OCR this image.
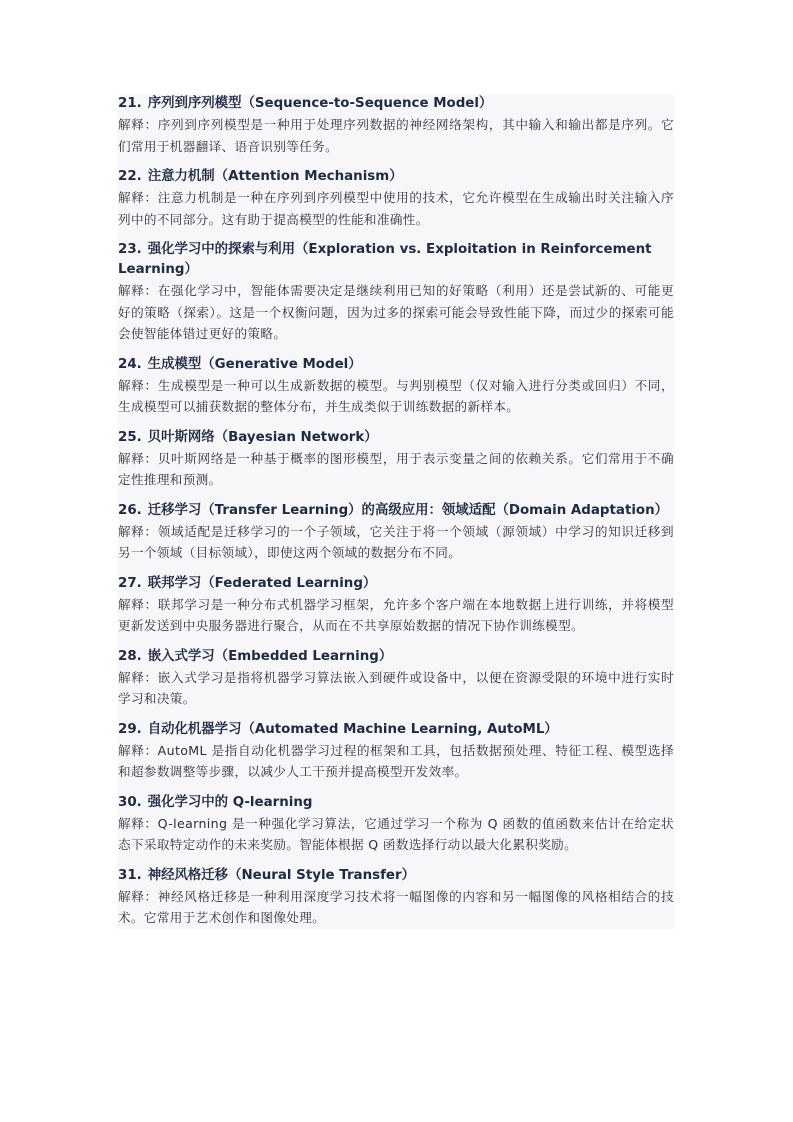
21. 序列到序列模型（Sequence-to-Sequence Model）

解释：序列到序列模型是一种用于处理序列数据的神经网络架构，其中输入和输出都是序列。它们常用于机器翻译、语音识别等任务。

22. 注意力机制（Attention Mechanism）

解释：注意力机制是一种在序列到序列模型中使用的技术，它允许模型在生成输出时关注输入序列中的不同部分。这有助于提高模型的性能和准确性。

23. 强化学习中的探索与利用（Exploration vs. Exploitation in Reinforcement Learning）

解释：在强化学习中，智能体需要决定是继续利用已知的好策略（利用）还是尝试新的、可能更好的策略（探索）。这是一个权衡问题，因为过多的探索可能会导致性能下降，而过少的探索可能会使智能体错过更好的策略。

24. 生成模型（Generative Model）

解释：生成模型是一种可以生成新数据的模型。与判别模型（仅对输入进行分类或回归）不同，生成模型可以捕获数据的整体分布，并生成类似于训练数据的新样本。

25. 贝叶斯网络（Bayesian Network）

解释：贝叶斯网络是一种基于概率的图形模型，用于表示变量之间的依赖关系。它们常用于不确定性推理和预测。

26. 迁移学习（Transfer Learning）的高级应用：领域适配（Domain Adaptation）

解释：领域适配是迁移学习的一个子领域，它关注于将一个领域（源领域）中学习的知识迁移到另一个领域（目标领域），即使这两个领域的数据分布不同。

27. 联邦学习（Federated Learning）

解释：联邦学习是一种分布式机器学习框架，允许多个客户端在本地数据上进行训练，并将模型更新发送到中央服务器进行聚合，从而在不共享原始数据的情况下协作训练模型。

28. 嵌入式学习（Embedded Learning）

解释：嵌入式学习是指将机器学习算法嵌入到硬件或设备中，以便在资源受限的环境中进行实时学习和决策。

29. 自动化机器学习（Automated Machine Learning, AutoML）

解释：AutoML 是指自动化机器学习过程的框架和工具，包括数据预处理、特征工程、模型选择和超参数调整等步骤，以减少人工干预并提高模型开发效率。

30. 强化学习中的 Q-learning

解释：Q-learning 是一种强化学习算法，它通过学习一个称为 Q 函数的值函数来估计在给定状态下采取特定动作的未来奖励。智能体根据 Q 函数选择行动以最大化累积奖励。

31. 神经风格迁移（Neural Style Transfer）

解释：神经风格迁移是一种利用深度学习技术将一幅图像的内容和另一幅图像的风格相结合的技术。它常用于艺术创作和图像处理。
